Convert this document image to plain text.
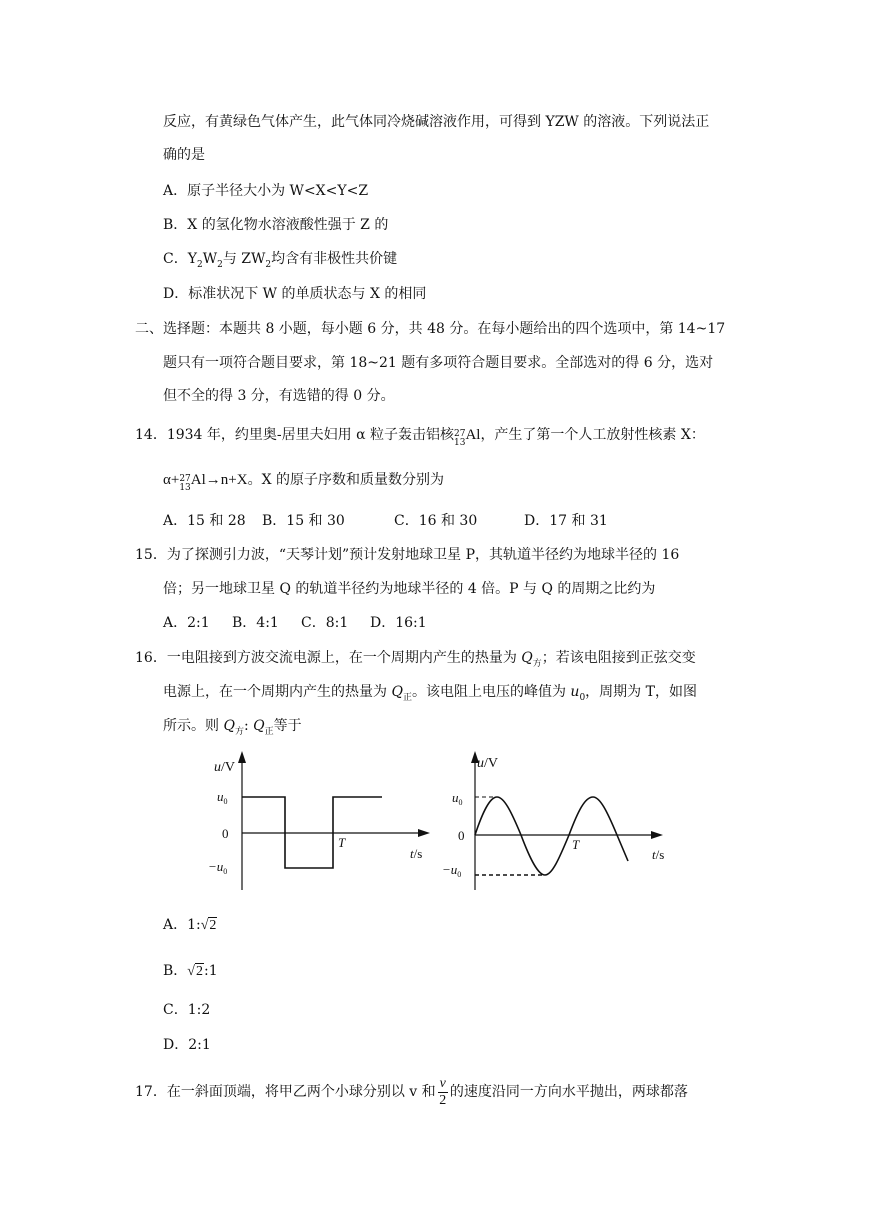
反应，有黄绿色气体产生，此气体同冷烧碱溶液作用，可得到 YZW 的溶液。下列说法正
确的是
A．原子半径大小为 W<X<Y<Z
B．X 的氢化物水溶液酸性强于 Z 的
C．$Y_2W_2$与 $ZW_2$均含有非极性共价键
D．标准状况下 W 的单质状态与 X 的相同
二、选择题：本题共 8 小题，每小题 6 分，共 48 分。在每小题给出的四个选项中，第 14~17
题只有一项符合题目要求，第 18~21 题有多项符合题目要求。全部选对的得 6 分，选对
但不全的得 3 分，有选错的得 0 分。
14．1934 年，约里奥-居里夫妇用 α 粒子轰击铝核 27
13 Al，产生了第一个人工放射性核素 X：
α+ 27
13 Al→n+X。X 的原子序数和质量数分别为
A．15 和 28 B．15 和 30	C．16 和 30	D．17 和 31
15．为了探测引力波，“天琴计划”预计发射地球卫星 P，其轨道半径约为地球半径的 16
倍；另一地球卫星 Q 的轨道半径约为地球半径的 4 倍。P 与 Q 的周期之比约为
A．2:1 B．4:1 C．8:1 D．16:1
16．一电阻接到方波交流电源上，在一个周期内产生的热量为 $Q_方$；若该电阻接到正弦交变
电源上，在一个周期内产生的热量为 $Q_正$。该电阻上电压的峰值为 $u_0$，周期为 T，如图
所示。则 $Q_方$: $Q_正$等于
u/V
$u_0$
0
$-u_0$
T
t/s
u/V
$u_0$
0
$-u_0$
T
t/s
A．1:√2
B．√2:1
C．1:2
D．2:1
17．在一斜面顶端，将甲乙两个小球分别以 v 和 $\frac{v}{2}$ 的速度沿同一方向水平抛出，两球都落
